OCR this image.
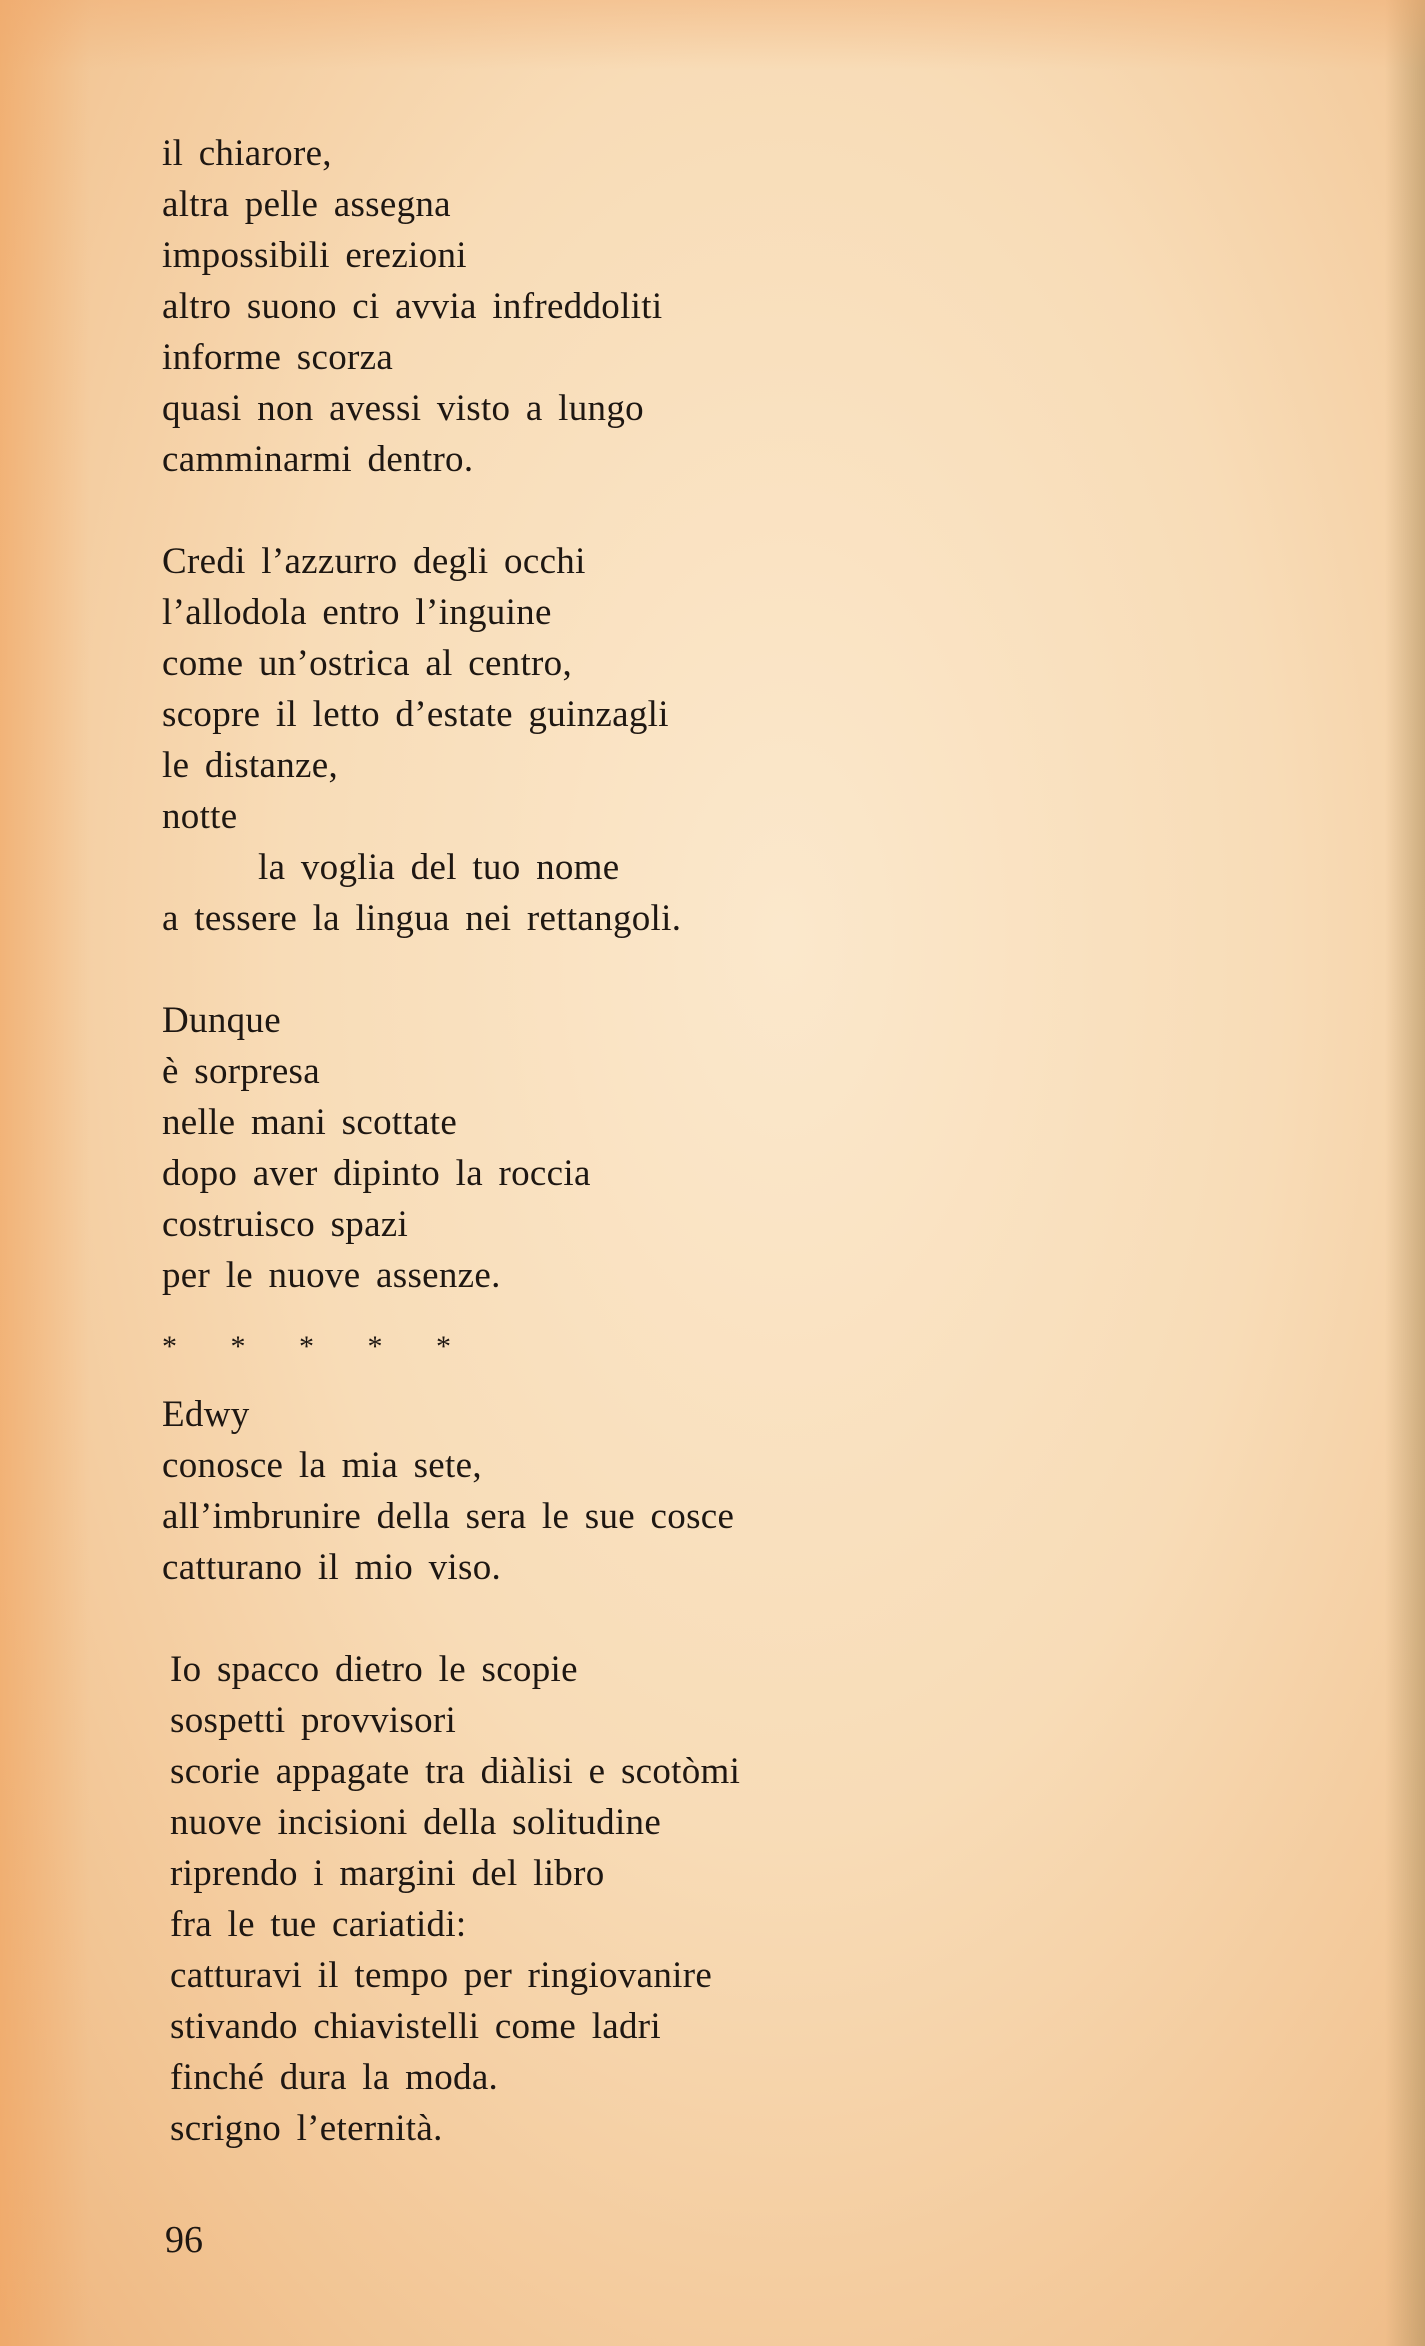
il chiarore,
altra pelle assegna
impossibili erezioni
altro suono ci avvia infreddoliti
informe scorza
quasi non avessi visto a lungo
camminarmi dentro.
Credi l’azzurro degli occhi
l’allodola entro l’inguine
come un’ostrica al centro,
scopre il letto d’estate guinzagli
le distanze,
notte
la voglia del tuo nome
a tessere la lingua nei rettangoli.
Dunque
è sorpresa
nelle mani scottate
dopo aver dipinto la roccia
costruisco spazi
per le nuove assenze.
* * * * *
Edwy
conosce la mia sete,
all’imbrunire della sera le sue cosce
catturano il mio viso.
Io spacco dietro le scopie
sospetti provvisori
scorie appagate tra diàlisi e scotòmi
nuove incisioni della solitudine
riprendo i margini del libro
fra le tue cariatidi:
catturavi il tempo per ringiovanire
stivando chiavistelli come ladri
finché dura la moda.
scrigno l’eternità.
96
